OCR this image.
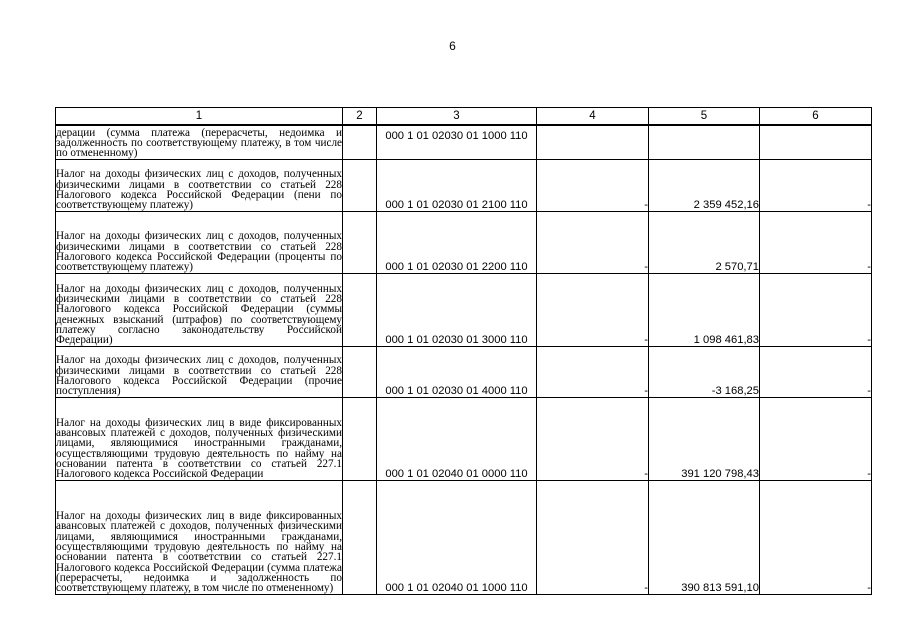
6
1	2	3	4	5	6

дерации (сумма платежа (перерасчеты, недоимка и задолженность по соответствующему платежу, в том числе по отмененному)		000 1 01 02030 01 1000 110			

Налог на доходы физических лиц с доходов, полученных физическими лицами в соответствии со статьей 228 Налогового кодекса Российской Федерации (пени по соответствующему платежу)		000 1 01 02030 01 2100 110	-	2 359 452,16	-

Налог на доходы физических лиц с доходов, полученных физическими лицами в соответствии со статьей 228 Налогового кодекса Российской Федерации (проценты по соответствующему платежу)		000 1 01 02030 01 2200 110	-	2 570,71	-

Налог на доходы физических лиц с доходов, полученных физическими лицами в соответствии со статьей 228 Налогового кодекса Российской Федерации (суммы денежных взысканий (штрафов) по соответствующему платежу согласно законодательству Российской Федерации)		000 1 01 02030 01 3000 110	-	1 098 461,83	-

Налог на доходы физических лиц с доходов, полученных физическими лицами в соответствии со статьей 228 Налогового кодекса Российской Федерации (прочие поступления)		000 1 01 02030 01 4000 110	-	-3 168,25	-

Налог на доходы физических лиц в виде фиксированных авансовых платежей с доходов, полученных физическими лицами, являющимися иностранными гражданами, осуществляющими трудовую деятельность по найму на основании патента в соответствии со статьей 227.1 Налогового кодекса Российской Федерации		000 1 01 02040 01 0000 110	-	391 120 798,43	-

Налог на доходы физических лиц в виде фиксированных авансовых платежей с доходов, полученных физическими лицами, являющимися иностранными гражданами, осуществляющими трудовую деятельность по найму на основании патента в соответствии со статьей 227.1 Налогового кодекса Российской Федерации (сумма платежа (перерасчеты, недоимка и задолженность по соответствующему платежу, в том числе по отмененному)		000 1 01 02040 01 1000 110	-	390 813 591,10	-
